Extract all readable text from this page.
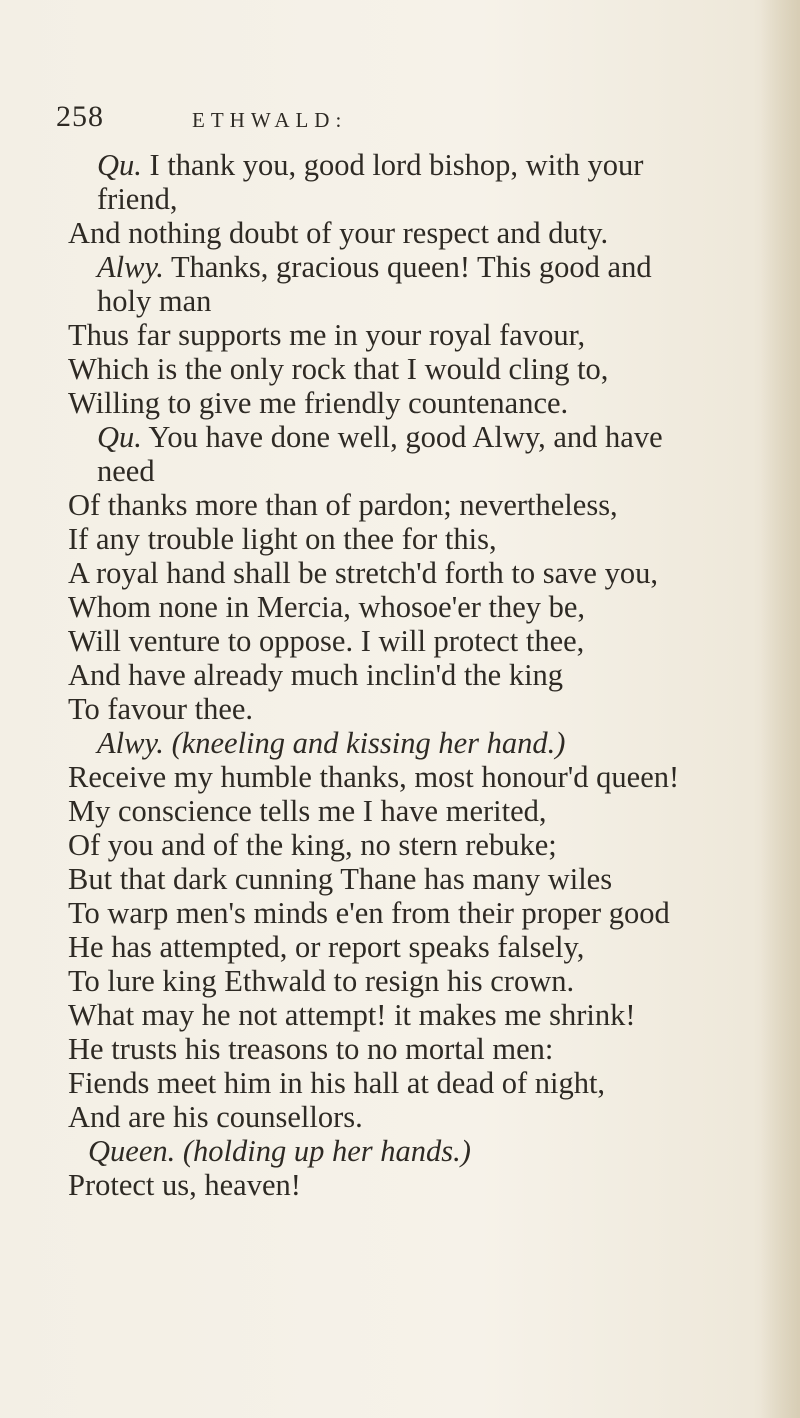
258	ETHWALD:
Qu. I thank you, good lord bishop, with your
friend,
And nothing doubt of your respect and duty.
Alwy. Thanks, gracious queen! This good and
holy man
Thus far supports me in your royal favour,
Which is the only rock that I would cling to,
Willing to give me friendly countenance.
Qu. You have done well, good Alwy, and have
need
Of thanks more than of pardon; nevertheless,
If any trouble light on thee for this,
A royal hand shall be stretch'd forth to save you,
Whom none in Mercia, whosoe'er they be,
Will venture to oppose. I will protect thee,
And have already much inclin'd the king
To favour thee.
Alwy. (kneeling and kissing her hand.)
Receive my humble thanks, most honour'd queen!
My conscience tells me I have merited,
Of you and of the king, no stern rebuke;
But that dark cunning Thane has many wiles
To warp men's minds e'en from their proper good
He has attempted, or report speaks falsely,
To lure king Ethwald to resign his crown.
What may he not attempt! it makes me shrink!
He trusts his treasons to no mortal men:
Fiends meet him in his hall at dead of night,
And are his counsellors.
Queen. (holding up her hands.)
Protect us, heaven!
